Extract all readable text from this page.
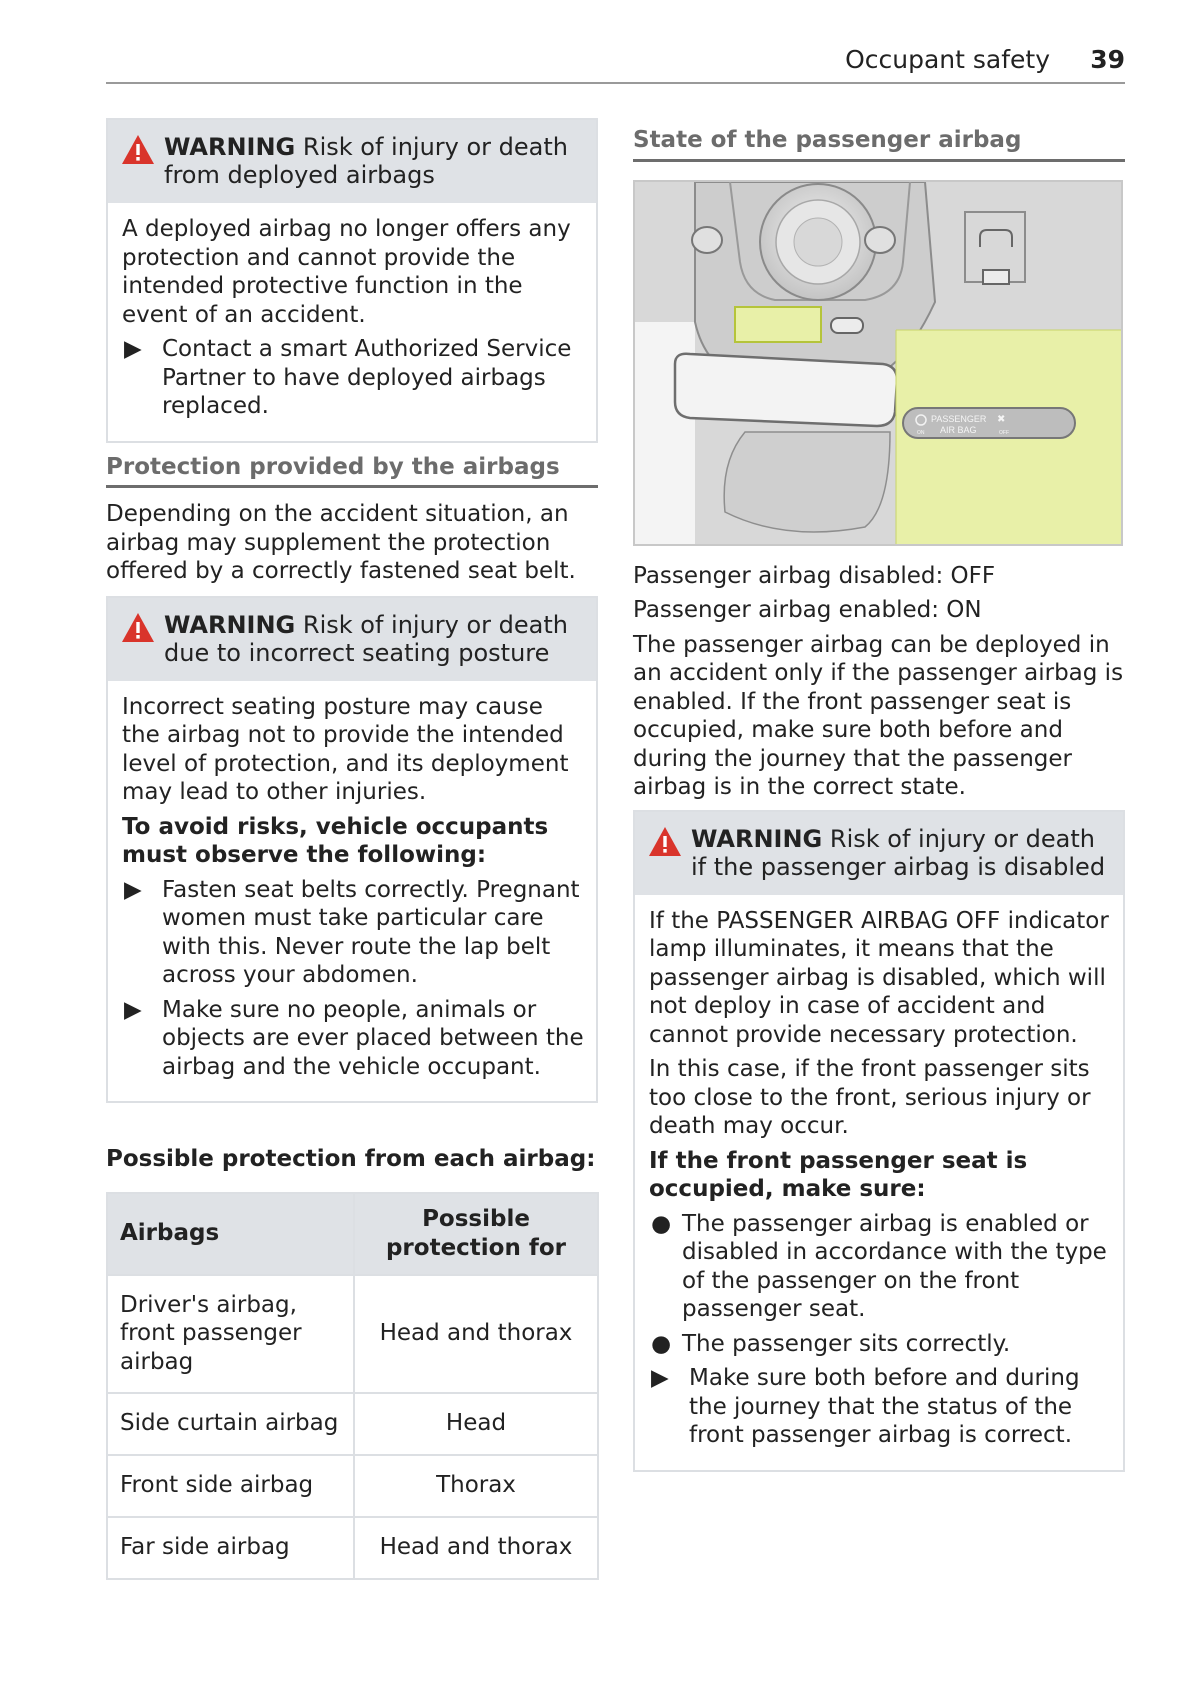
Occupant safety 39
WARNING Risk of injury or death from deployed airbags

A deployed airbag no longer offers any protection and cannot provide the intended protective function in the event of an accident.

▶ Contact a smart Authorized Service Partner to have deployed airbags replaced.
Protection provided by the airbags

Depending on the accident situation, an airbag may supplement the protection offered by a correctly fastened seat belt.

WARNING Risk of injury or death due to incorrect seating posture

Incorrect seating posture may cause the airbag not to provide the intended level of protection, and its deployment may lead to other injuries.

To avoid risks, vehicle occupants must observe the following:

▶ Fasten seat belts correctly. Pregnant women must take particular care with this. Never route the lap belt across your abdomen.
▶ Make sure no people, animals or objects are ever placed between the airbag and the vehicle occupant.

Possible protection from each airbag:

Airbags	Possible protection for
Driver's airbag, front passenger airbag	Head and thorax
Side curtain airbag	Head
Front side airbag	Thorax
Far side airbag	Head and thorax
State of the passenger airbag
PASSENGER
AIR BAG
ON
✖
OFF

Passenger airbag disabled: OFF

Passenger airbag enabled: ON

The passenger airbag can be deployed in an accident only if the passenger airbag is enabled. If the front passenger seat is occupied, make sure both before and during the journey that the passenger airbag is in the correct state.

WARNING Risk of injury or death if the passenger airbag is disabled

If the PASSENGER AIRBAG OFF indicator lamp illuminates, it means that the passenger airbag is disabled, which will not deploy in case of accident and cannot provide necessary protection.

In this case, if the front passenger sits too close to the front, serious injury or death may occur.

If the front passenger seat is occupied, make sure:

● The passenger airbag is enabled or disabled in accordance with the type of the passenger on the front passenger seat.
● The passenger sits correctly.
▶ Make sure both before and during the journey that the status of the front passenger airbag is correct.
